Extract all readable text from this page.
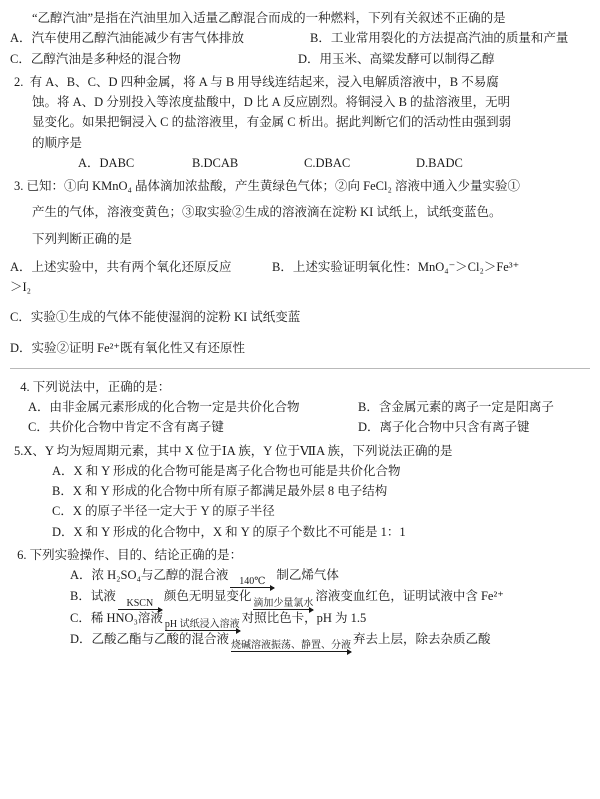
“乙醇汽油”是指在汽油里加入适量乙醇混合而成的一种燃料，下列有关叙述不正确的是
A．汽车使用乙醇汽油能减少有害气体排放	B．工业常用裂化的方法提高汽油的质量和产量
C．乙醇汽油是多种烃的混合物	D．用玉米、高粱发酵可以制得乙醇
2. 有 A、B、C、D 四种金属，将 A 与 B 用导线连结起来，浸入电解质溶液中，B 不易腐
蚀。将 A、D 分别投入等浓度盐酸中，D 比 A 反应剧烈。将铜浸入 B 的盐溶液里，无明
显变化。如果把铜浸入 C 的盐溶液里，有金属 C 析出。据此判断它们的活动性由强到弱
的顺序是
A．DABC	B.DCAB	C.DBAC	D.BADC
3. 已知：①向 KMnO₄ 晶体滴加浓盐酸，产生黄绿色气体；②向 FeCl₂ 溶液中通入少量实验①
产生的气体，溶液变黄色；③取实验②生成的溶液滴在淀粉 KI 试纸上，试纸变蓝色。
下列判断正确的是
A．上述实验中，共有两个氧化还原反应	B．上述实验证明氧化性：MnO₄⁻＞Cl₂＞Fe³⁺
＞I₂
C．实验①生成的气体不能使湿润的淀粉 KI 试纸变蓝
D．实验②证明 Fe²⁺既有氧化性又有还原性
4. 下列说法中，正确的是：
A．由非金属元素形成的化合物一定是共价化合物	B．含金属元素的离子一定是阳离子
C．共价化合物中肯定不含有离子键	D．离子化合物中只含有离子键
5.X、Y 均为短周期元素，其中 X 位于ⅠA 族，Y 位于ⅦA 族，下列说法正确的是
A．X 和 Y 形成的化合物可能是离子化合物也可能是共价化合物
B．X 和 Y 形成的化合物中所有原子都满足最外层 8 电子结构
C．X 的原子半径一定大于 Y 的原子半径
D．X 和 Y 形成的化合物中，X 和 Y 的原子个数比不可能是 1：1
6. 下列实验操作、目的、结论正确的是：
A．浓 H₂SO₄与乙醇的混合液 140℃ 制乙烯气体
B．试液 KSCN 颜色无明显变化 滴加少量氯水 溶液变血红色，证明试液中含 Fe²⁺
C．稀 HNO₃溶液 pH 试纸浸入溶液 对照比色卡，pH 为 1.5
D．乙酸乙酯与乙酸的混合液 烧碱溶液振荡、静置、分液 弃去上层，除去杂质乙酸
